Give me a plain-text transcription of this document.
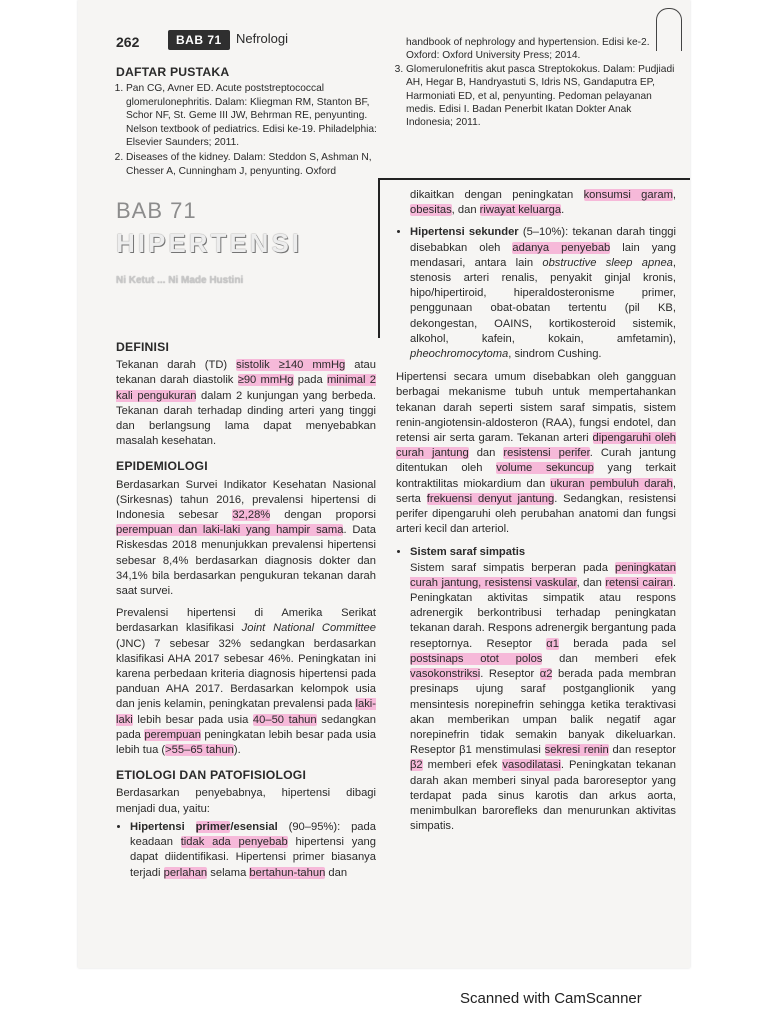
262	BAB 71	Nefrologi
DAFTAR PUSTAKA
1. Pan CG, Avner ED. Acute poststreptococcal glomerulonephritis. Dalam: Kliegman RM, Stanton BF, Schor NF, St. Geme III JW, Behrman RE, penyunting. Nelson textbook of pediatrics. Edisi ke-19. Philadelphia: Elsevier Saunders; 2011.
2. Diseases of the kidney. Dalam: Steddon S, Ashman N, Chesser A, Cunningham J, penyunting. Oxford
handbook of nephrology and hypertension. Edisi ke-2. Oxford: Oxford University Press; 2014.
3. Glomerulonefritis akut pasca Streptokokus. Dalam: Pudjiadi AH, Hegar B, Handryastuti S, Idris NS, Gandaputra EP, Harmoniati ED, et al, penyunting. Pedoman pelayanan medis. Edisi I. Badan Penerbit Ikatan Dokter Anak Indonesia; 2011.
BAB 71
HIPERTENSI
Ni Ketut ... Ni Made Hustini
DEFINISI

Tekanan darah (TD) sistolik ≥140 mmHg atau tekanan darah diastolik ≥90 mmHg pada minimal 2 kali pengukuran dalam 2 kunjungan yang berbeda. Tekanan darah terhadap dinding arteri yang tinggi dan berlangsung lama dapat menyebabkan masalah kesehatan.

EPIDEMIOLOGI

Berdasarkan Survei Indikator Kesehatan Nasional (Sirkesnas) tahun 2016, prevalensi hipertensi di Indonesia sebesar 32,28% dengan proporsi perempuan dan laki-laki yang hampir sama. Data Riskesdas 2018 menunjukkan prevalensi hipertensi sebesar 8,4% berdasarkan diagnosis dokter dan 34,1% bila berdasarkan pengukuran tekanan darah saat survei.

Prevalensi hipertensi di Amerika Serikat berdasarkan klasifikasi Joint National Committee (JNC) 7 sebesar 32% sedangkan berdasarkan klasifikasi AHA 2017 sebesar 46%. Peningkatan ini karena perbedaan kriteria diagnosis hipertensi pada panduan AHA 2017. Berdasarkan kelompok usia dan jenis kelamin, peningkatan prevalensi pada laki-laki lebih besar pada usia 40–50 tahun sedangkan pada perempuan peningkatan lebih besar pada usia lebih tua (>55–65 tahun).

ETIOLOGI DAN PATOFISIOLOGI

Berdasarkan penyebabnya, hipertensi dibagi menjadi dua, yaitu:

• Hipertensi primer/esensial (90–95%): pada keadaan tidak ada penyebab hipertensi yang dapat diidentifikasi. Hipertensi primer biasanya terjadi perlahan selama bertahun-tahun dan

dikaitkan dengan peningkatan konsumsi garam, obesitas, dan riwayat keluarga.

• Hipertensi sekunder (5–10%): tekanan darah tinggi disebabkan oleh adanya penyebab lain yang mendasari, antara lain obstructive sleep apnea, stenosis arteri renalis, penyakit ginjal kronis, hipo/hipertiroid, hiperaldosteronisme primer, penggunaan obat-obatan tertentu (pil KB, dekongestan, OAINS, kortikosteroid sistemik, alkohol, kafein, kokain, amfetamin), pheochromocytoma, sindrom Cushing.

Hipertensi secara umum disebabkan oleh gangguan berbagai mekanisme tubuh untuk mempertahankan tekanan darah seperti sistem saraf simpatis, sistem renin-angiotensin-aldosteron (RAA), fungsi endotel, dan retensi air serta garam. Tekanan arteri dipengaruhi oleh curah jantung dan resistensi perifer. Curah jantung ditentukan oleh volume sekuncup yang terkait kontraktilitas miokardium dan ukuran pembuluh darah, serta frekuensi denyut jantung. Sedangkan, resistensi perifer dipengaruhi oleh perubahan anatomi dan fungsi arteri kecil dan arteriol.

• Sistem saraf simpatis
Sistem saraf simpatis berperan pada peningkatan curah jantung, resistensi vaskular, dan retensi cairan. Peningkatan aktivitas simpatik atau respons adrenergik berkontribusi terhadap peningkatan tekanan darah. Respons adrenergik bergantung pada reseptornya. Reseptor α1 berada pada sel postsinaps otot polos dan memberi efek vasokonstriksi. Reseptor α2 berada pada membran presinaps ujung saraf postganglionik yang mensintesis norepinefrin sehingga ketika teraktivasi akan memberikan umpan balik negatif agar norepinefrin tidak semakin banyak dikeluarkan. Reseptor β1 menstimulasi sekresi renin dan reseptor β2 memberi efek vasodilatasi. Peningkatan tekanan darah akan memberi sinyal pada baroreseptor yang terdapat pada sinus karotis dan arkus aorta, menimbulkan barorefleks dan menurunkan aktivitas simpatis.
Scanned with CamScanner
